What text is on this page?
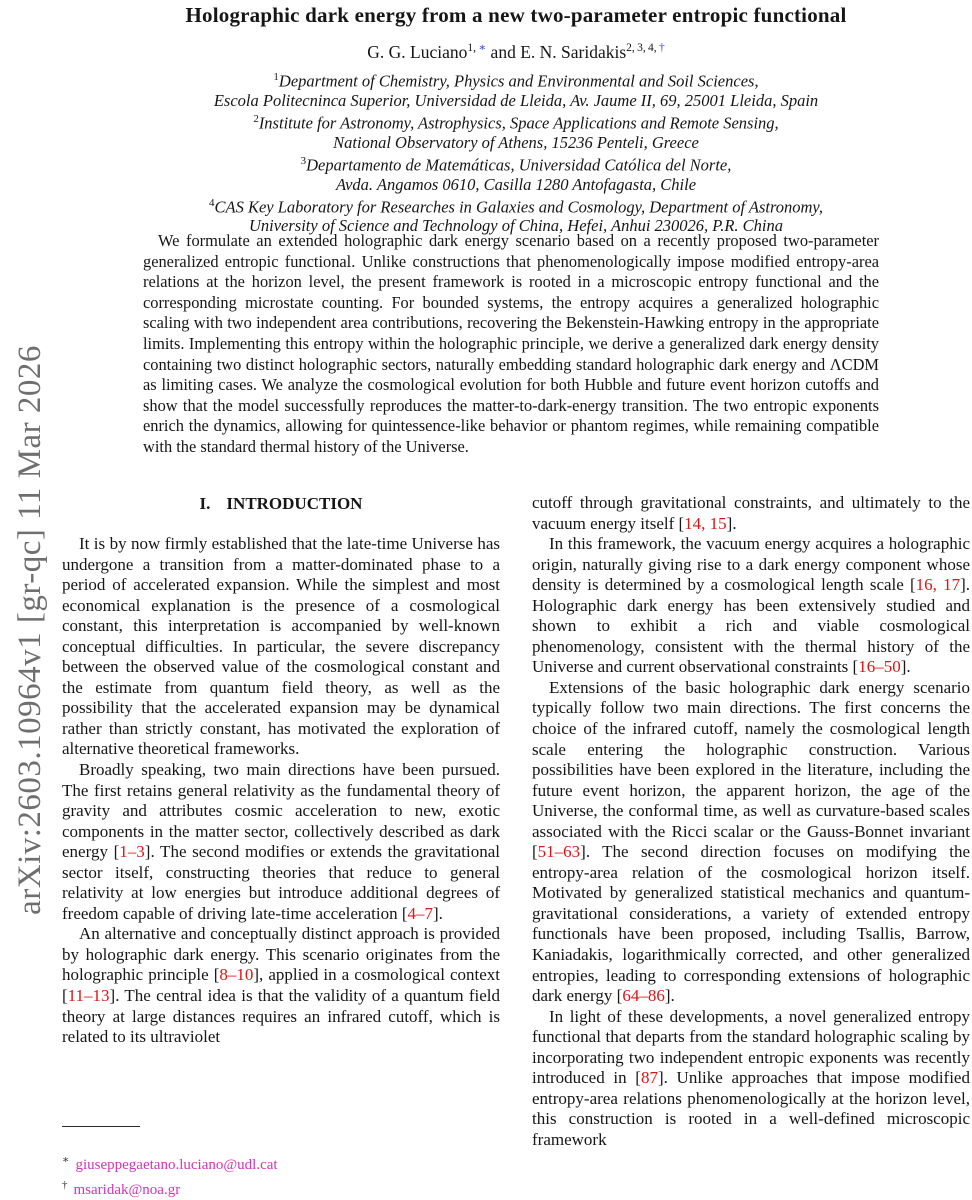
arXiv:2603.10964v1 [gr-qc] 11 Mar 2026
Holographic dark energy from a new two-parameter entropic functional
G. G. Luciano$^{1, ∗}$ and E. N. Saridakis$^{2, 3, 4, \dagger}$
$^1$Department of Chemistry, Physics and Environmental and Soil Sciences,
Escola Politecninca Superior, Universidad de Lleida, Av. Jaume II, 69, 25001 Lleida, Spain
$^2$Institute for Astronomy, Astrophysics, Space Applications and Remote Sensing,
National Observatory of Athens, 15236 Penteli, Greece
$^3$Departamento de Matemáticas, Universidad Católica del Norte,
Avda. Angamos 0610, Casilla 1280 Antofagasta, Chile
$^4$CAS Key Laboratory for Researches in Galaxies and Cosmology, Department of Astronomy,
University of Science and Technology of China, Hefei, Anhui 230026, P.R. China
We formulate an extended holographic dark energy scenario based on a recently proposed two-parameter generalized entropic functional. Unlike constructions that phenomenologically impose modified entropy-area relations at the horizon level, the present framework is rooted in a microscopic entropy functional and the corresponding microstate counting. For bounded systems, the entropy acquires a generalized holographic scaling with two independent area contributions, recovering the Bekenstein-Hawking entropy in the appropriate limits. Implementing this entropy within the holographic principle, we derive a generalized dark energy density containing two distinct holographic sectors, naturally embedding standard holographic dark energy and ΛCDM as limiting cases. We analyze the cosmological evolution for both Hubble and future event horizon cutoffs and show that the model successfully reproduces the matter-to-dark-energy transition. The two entropic exponents enrich the dynamics, allowing for quintessence-like behavior or phantom regimes, while remaining compatible with the standard thermal history of the Universe.
I. INTRODUCTION

It is by now firmly established that the late-time Universe has undergone a transition from a matter-dominated phase to a period of accelerated expansion. While the simplest and most economical explanation is the presence of a cosmological constant, this interpretation is accompanied by well-known conceptual difficulties. In particular, the severe discrepancy between the observed value of the cosmological constant and the estimate from quantum field theory, as well as the possibility that the accelerated expansion may be dynamical rather than strictly constant, has motivated the exploration of alternative theoretical frameworks.

Broadly speaking, two main directions have been pursued. The first retains general relativity as the fundamental theory of gravity and attributes cosmic acceleration to new, exotic components in the matter sector, collectively described as dark energy [1–3]. The second modifies or extends the gravitational sector itself, constructing theories that reduce to general relativity at low energies but introduce additional degrees of freedom capable of driving late-time acceleration [4–7].

An alternative and conceptually distinct approach is provided by holographic dark energy. This scenario originates from the holographic principle [8–10], applied in a cosmological context [11–13]. The central idea is that the validity of a quantum field theory at large distances requires an infrared cutoff, which is related to its ultraviolet

cutoff through gravitational constraints, and ultimately to the vacuum energy itself [14, 15].

In this framework, the vacuum energy acquires a holographic origin, naturally giving rise to a dark energy component whose density is determined by a cosmological length scale [16, 17]. Holographic dark energy has been extensively studied and shown to exhibit a rich and viable cosmological phenomenology, consistent with the thermal history of the Universe and current observational constraints [16–50].

Extensions of the basic holographic dark energy scenario typically follow two main directions. The first concerns the choice of the infrared cutoff, namely the cosmological length scale entering the holographic construction. Various possibilities have been explored in the literature, including the future event horizon, the apparent horizon, the age of the Universe, the conformal time, as well as curvature-based scales associated with the Ricci scalar or the Gauss-Bonnet invariant [51–63]. The second direction focuses on modifying the entropy-area relation of the cosmological horizon itself. Motivated by generalized statistical mechanics and quantum-gravitational considerations, a variety of extended entropy functionals have been proposed, including Tsallis, Barrow, Kaniadakis, logarithmically corrected, and other generalized entropies, leading to corresponding extensions of holographic dark energy [64–86].

In light of these developments, a novel generalized entropy functional that departs from the standard holographic scaling by incorporating two independent entropic exponents was recently introduced in [87]. Unlike approaches that impose modified entropy-area relations phenomenologically at the horizon level, this construction is rooted in a well-defined microscopic framework

∗ giuseppegaetano.luciano@udl.cat
† msaridak@noa.gr
